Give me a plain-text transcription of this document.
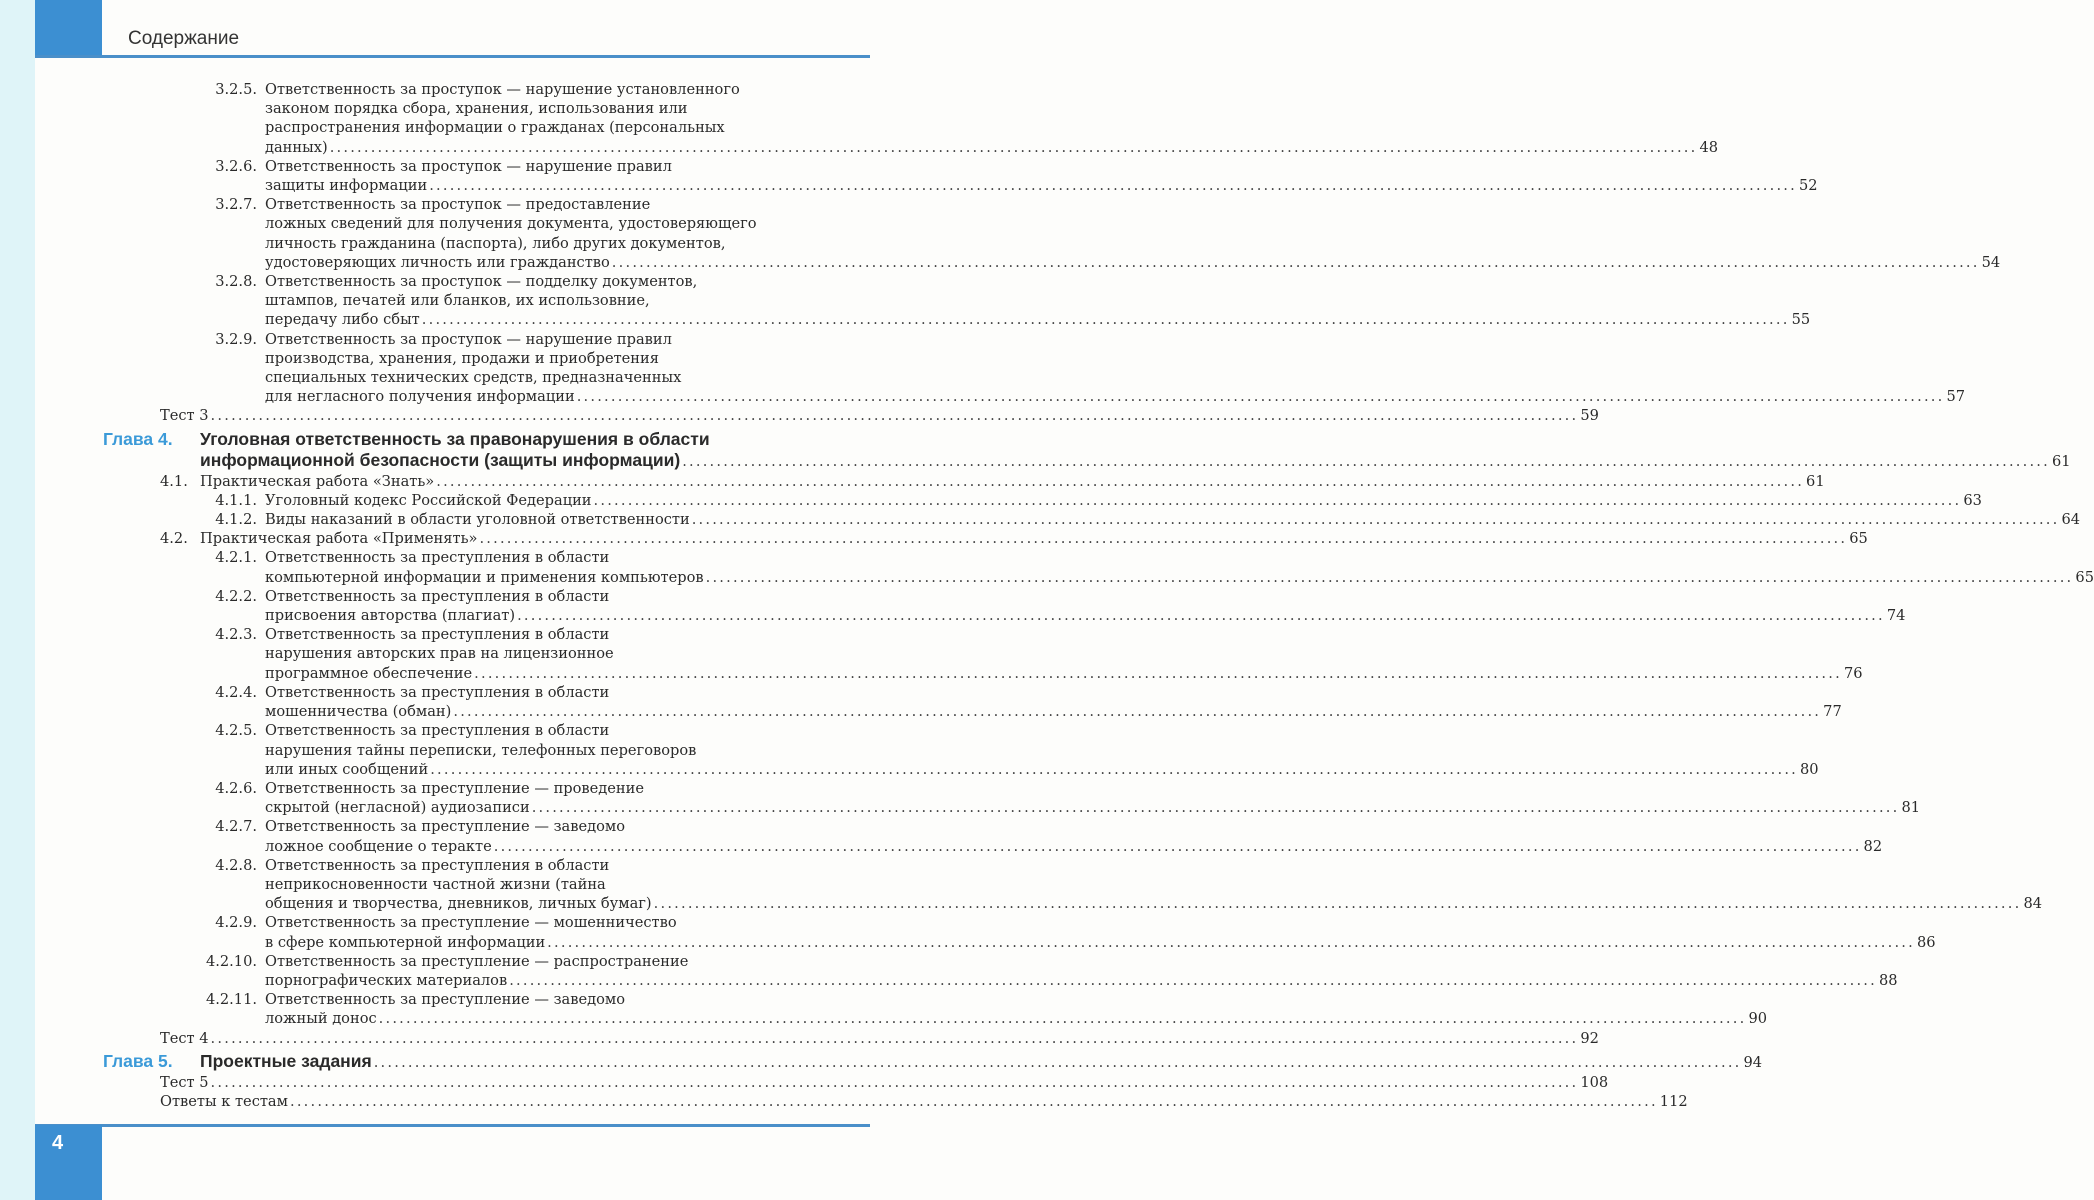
Содержание
3.2.5. Ответственность за проступок — нарушение установленного
законом порядка сбора, хранения, использования или
распространения информации о гражданах (персональных
данных) ........................................................................................................................................................................................................ 48
3.2.6. Ответственность за проступок — нарушение правил
защиты информации ........................................................................................................................................................................................................ 52
3.2.7. Ответственность за проступок — предоставление
ложных сведений для получения документа, удостоверяющего
личность гражданина (паспорта), либо других документов,
удостоверяющих личность или гражданство ........................................................................................................................................................................................................ 54
3.2.8. Ответственность за проступок — подделку документов,
штампов, печатей или бланков, их использовние,
передачу либо сбыт ........................................................................................................................................................................................................ 55
3.2.9. Ответственность за проступок — нарушение правил
производства, хранения, продажи и приобретения
специальных технических средств, предназначенных
для негласного получения информации ........................................................................................................................................................................................................ 57
Тест 3 ........................................................................................................................................................................................................ 59
Глава 4. Уголовная ответственность за правонарушения в области
информационной безопасности (защиты информации) ........................................................................................................................................................................................................ 61
4.1. Практическая работа «Знать» ........................................................................................................................................................................................................ 61
4.1.1. Уголовный кодекс Российской Федерации ........................................................................................................................................................................................................ 63
4.1.2. Виды наказаний в области уголовной ответственности ........................................................................................................................................................................................................ 64
4.2. Практическая работа «Применять» ........................................................................................................................................................................................................ 65
4.2.1. Ответственность за преступления в области
компьютерной информации и применения компьютеров ........................................................................................................................................................................................................ 65
4.2.2. Ответственность за преступления в области
присвоения авторства (плагиат) ........................................................................................................................................................................................................ 74
4.2.3. Ответственность за преступления в области
нарушения авторских прав на лицензионное
программное обеспечение ........................................................................................................................................................................................................ 76
4.2.4. Ответственность за преступления в области
мошенничества (обман) ........................................................................................................................................................................................................ 77
4.2.5. Ответственность за преступления в области
нарушения тайны переписки, телефонных переговоров
или иных сообщений ........................................................................................................................................................................................................ 80
4.2.6. Ответственность за преступление — проведение
скрытой (негласной) аудиозаписи ........................................................................................................................................................................................................ 81
4.2.7. Ответственность за преступление — заведомо
ложное сообщение о теракте ........................................................................................................................................................................................................ 82
4.2.8. Ответственность за преступления в области
неприкосновенности частной жизни (тайна
общения и творчества, дневников, личных бумаг) ........................................................................................................................................................................................................ 84
4.2.9. Ответственность за преступление — мошенничество
в сфере компьютерной информации ........................................................................................................................................................................................................ 86
4.2.10. Ответственность за преступление — распространение
порнографических материалов ........................................................................................................................................................................................................ 88
4.2.11. Ответственность за преступление — заведомо
ложный донос ........................................................................................................................................................................................................ 90
Тест 4 ........................................................................................................................................................................................................ 92
Глава 5. Проектные задания ........................................................................................................................................................................................................ 94
Тест 5 ........................................................................................................................................................................................................ 108
Ответы к тестам ........................................................................................................................................................................................................ 112
4
